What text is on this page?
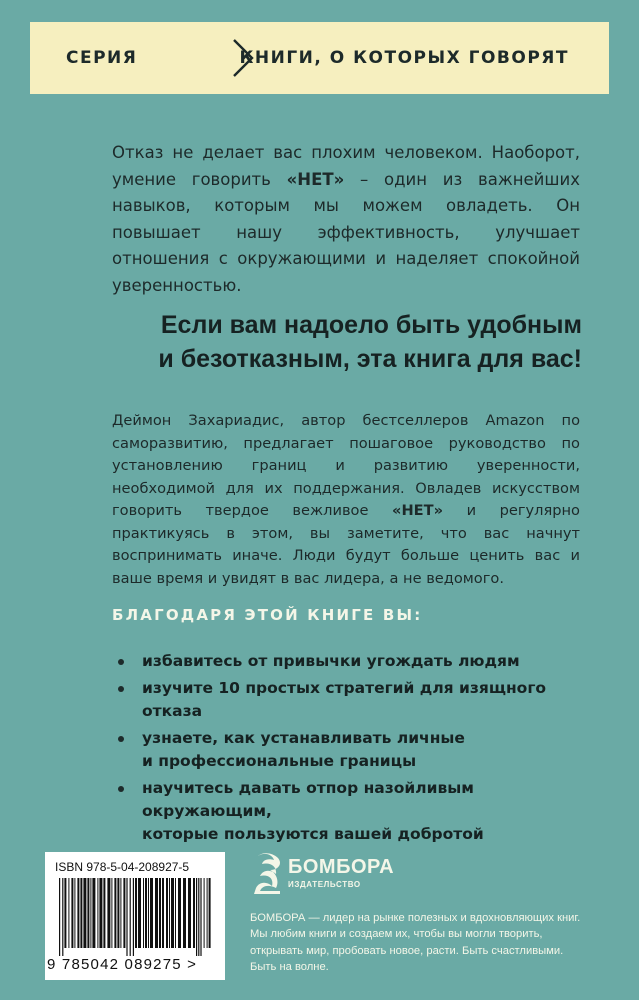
СЕРИЯ	КНИГИ, О КОТОРЫХ ГОВОРЯТ

Отказ не делает вас плохим человеком. Наоборот, умение говорить «НЕТ» – один из важнейших навыков, которым мы можем овладеть. Он повышает нашу эффективность, улучшает отношения с окружающими и наделяет спокойной уверенностью.

Если вам надоело быть удобным
и безотказным, эта книга для вас!

Деймон Захариадис, автор бестселлеров Amazon по саморазвитию, предлагает пошаговое руководство по установлению границ и развитию уверенности, необходимой для их поддержания. Овладев искусством говорить твердое вежливое «НЕТ» и регулярно практикуясь в этом, вы заметите, что вас начнут воспринимать иначе. Люди будут больше ценить вас и ваше время и увидят в вас лидера, а не ведомого.

БЛАГОДАРЯ ЭТОЙ КНИГЕ ВЫ:
избавитесь от привычки угождать людям
изучите 10 простых стратегий для изящного отказа
узнаете, как устанавливать личные
и профессиональные границы
научитесь давать отпор назойливым окружающим,
которые пользуются вашей добротой
ISBN 978-5-04-208927-5
9 785042 089275 >
БОМБОРА
ИЗДАТЕЛЬСТВО

БОМБОРА — лидер на рынке полезных и вдохновляющих книг. Мы любим книги и создаем их, чтобы вы могли творить, открывать мир, пробовать новое, расти. Быть счастливыми. Быть на волне.
